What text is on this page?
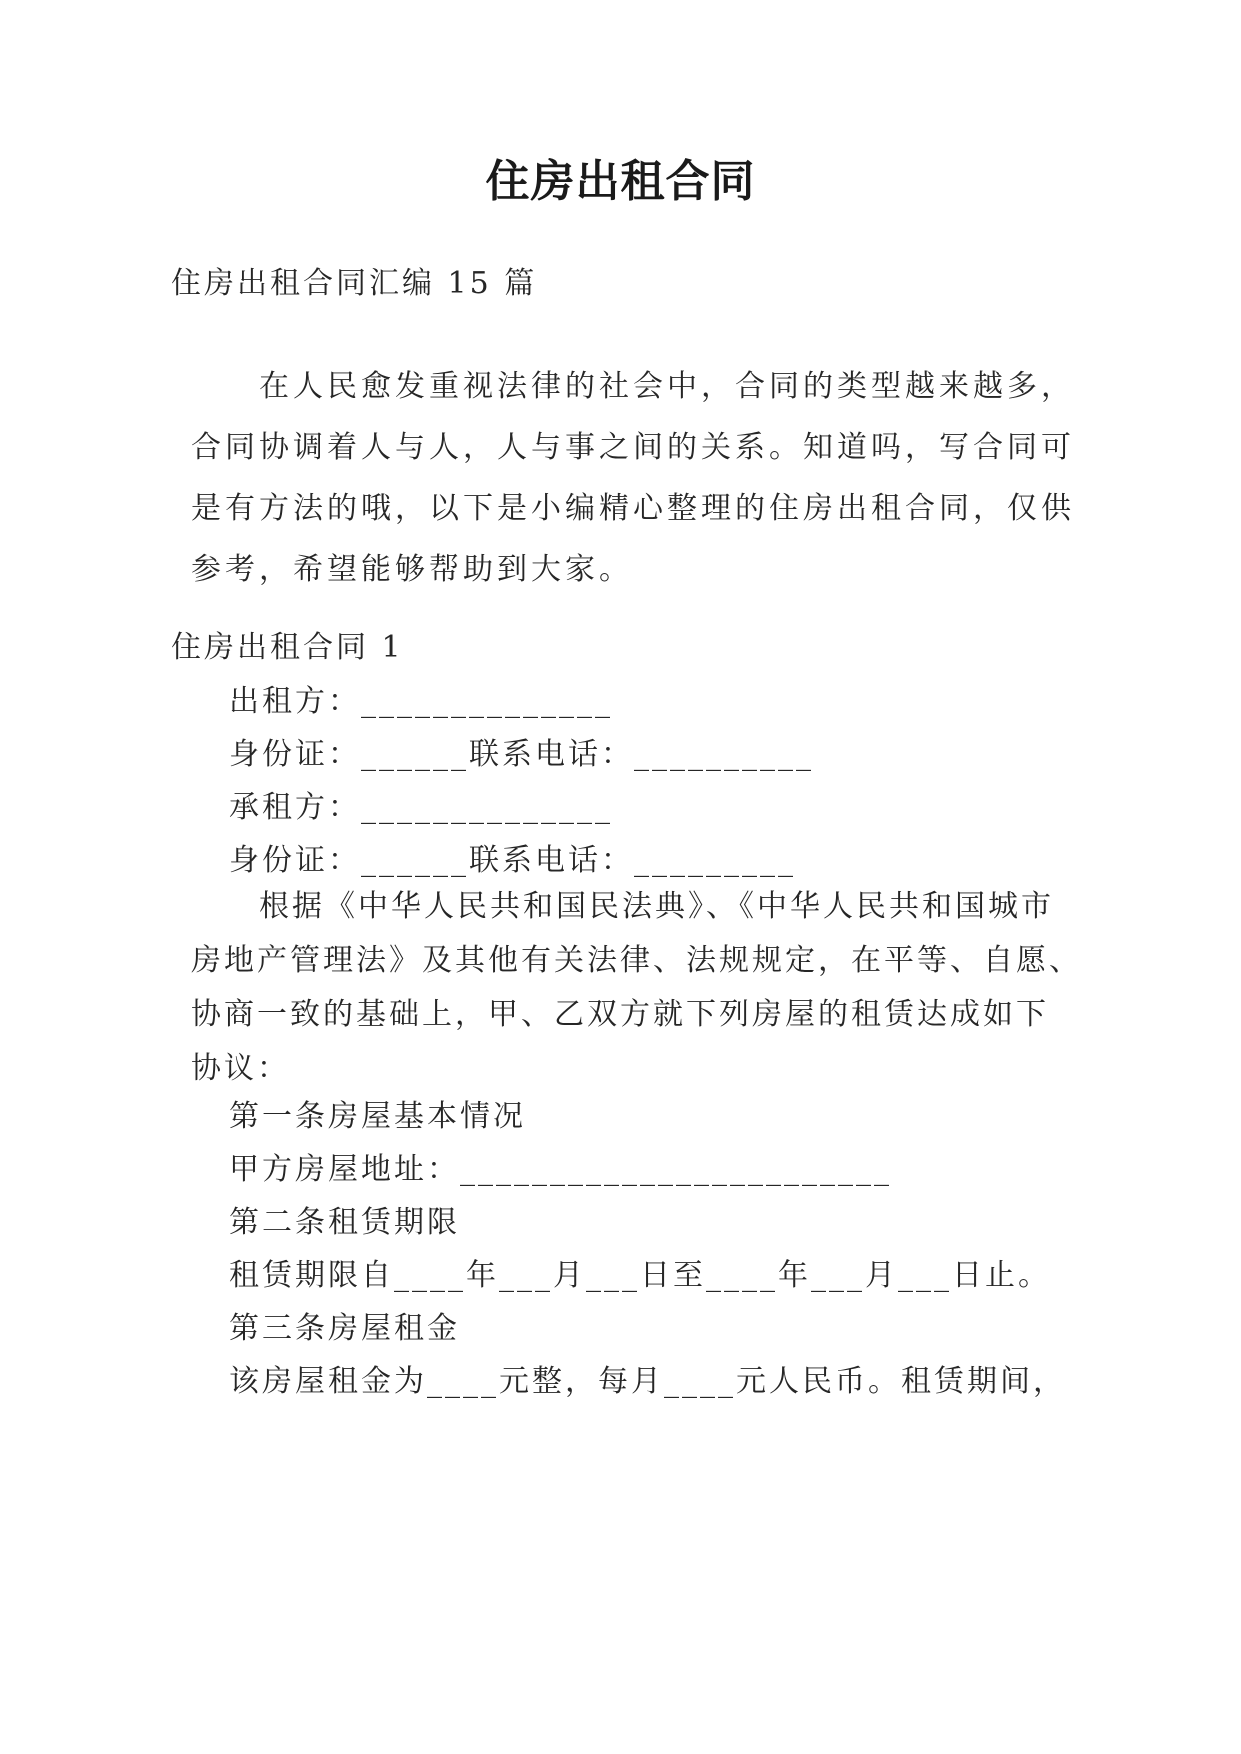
住房出租合同
住房出租合同汇编 15 篇
在人民愈发重视法律的社会中，合同的类型越来越多，
合同协调着人与人，人与事之间的关系。知道吗，写合同可
是有方法的哦，以下是小编精心整理的住房出租合同，仅供
参考，希望能够帮助到大家。
住房出租合同 1
出租方：______________
身份证：______联系电话：__________
承租方：______________
身份证：______联系电话：_________
根据《中华人民共和国民法典》、《中华人民共和国城市
房地产管理法》及其他有关法律、法规规定，在平等、自愿、
协商一致的基础上，甲、乙双方就下列房屋的租赁达成如下
协议：
第一条房屋基本情况
甲方房屋地址：________________________
第二条租赁期限
租赁期限自____年___月___日至____年___月___日止。
第三条房屋租金
该房屋租金为____元整，每月____元人民币。租赁期间，
